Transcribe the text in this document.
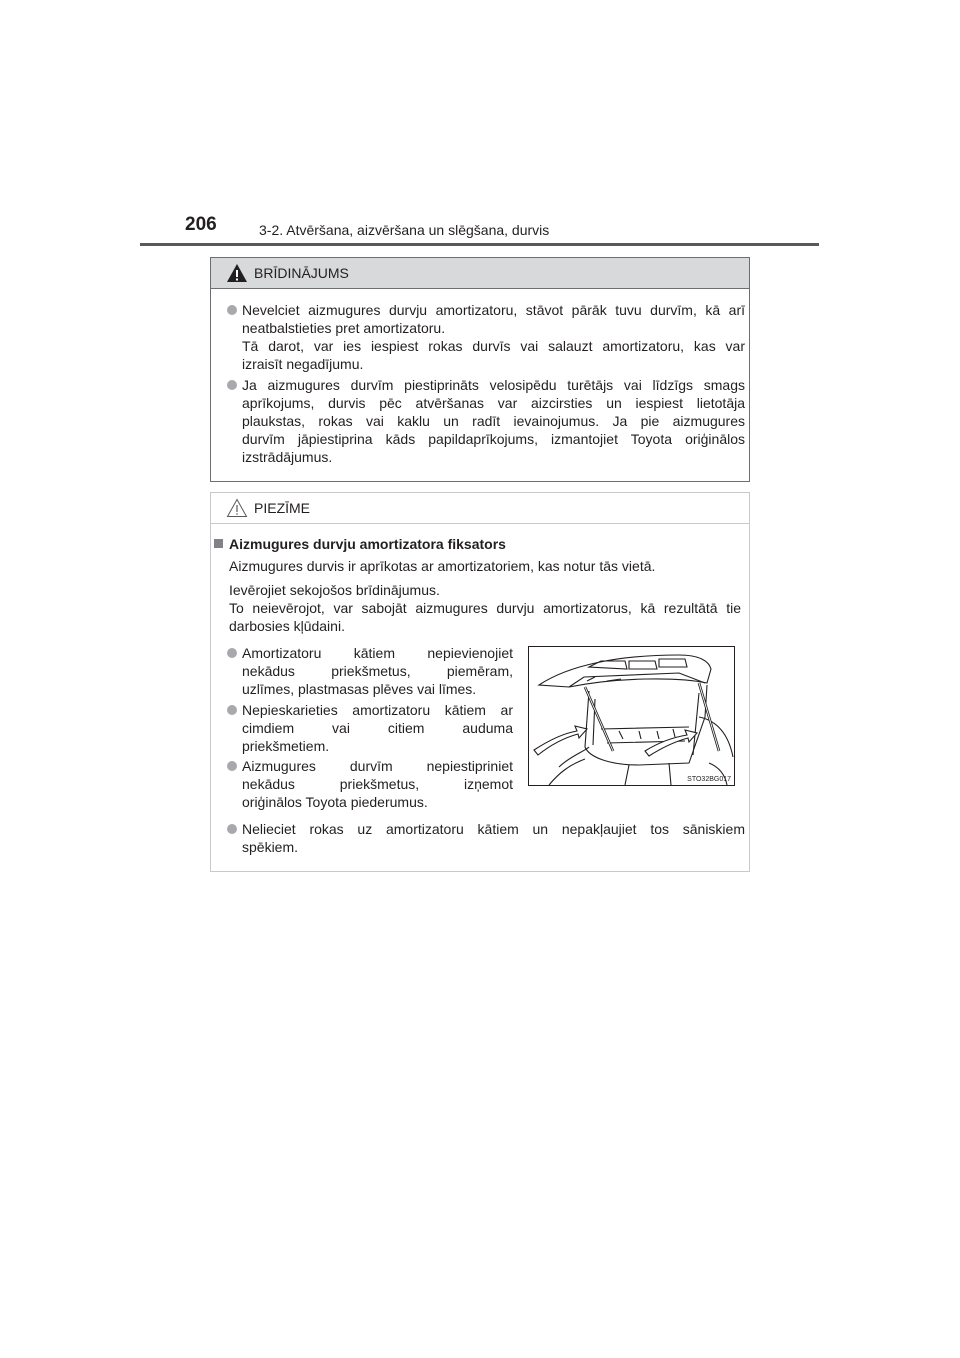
206	3-2. Atvēršana, aizvēršana un slēgšana, durvis
BRĪDINĀJUMS
Nevelciet aizmugures durvju amortizatoru, stāvot pārāk tuvu durvīm, kā arī
neatbalstieties pret amortizatoru.
Tā darot, var ies iespiest rokas durvīs vai salauzt amortizatoru, kas var
izraisīt negadījumu.
Ja aizmugures durvīm piestiprināts velosipēdu turētājs vai līdzīgs smags
aprīkojums, durvis pēc atvēršanas var aizcirsties un iespiest lietotāja
plaukstas, rokas vai kaklu un radīt ievainojumus. Ja pie aizmugures
durvīm jāpiestiprina kāds papildaprīkojums, izmantojiet Toyota oriģinālos
izstrādājumus.
PIEZĪME
Aizmugures durvju amortizatora fiksators
Aizmugures durvis ir aprīkotas ar amortizatoriem, kas notur tās vietā.
Ievērojiet sekojošos brīdinājumus.
To neievērojot, var sabojāt aizmugures durvju amortizatorus, kā rezultātā tie
darbosies kļūdaini.
Amortizatoru kātiem nepievienojiet
nekādus priekšmetus, piemēram,
uzlīmes, plastmasas plēves vai līmes.
Nepieskarieties amortizatoru kātiem ar
cimdiem vai citiem auduma
priekšmetiem.
Aizmugures durvīm nepiestipriniet
nekādus priekšmetus, izņemot
oriģinālos Toyota piederumus.
Nelieciet rokas uz amortizatoru kātiem un nepakļaujiet tos sāniskiem
spēkiem.
STO32BG017
